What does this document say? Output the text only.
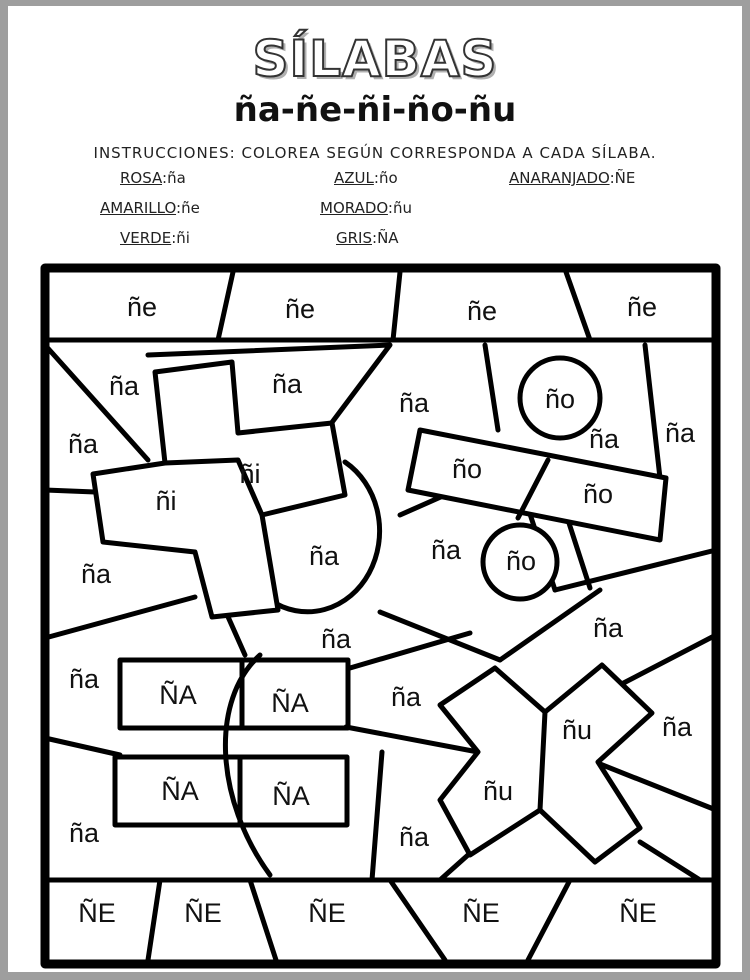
SÍLABAS
ña-ñe-ñi-ño-ñu
INSTRUCCIONES: COLOREA SEGÚN CORRESPONDA A CADA SÍLABA.
ROSA:ña	AZUL:ño	ANARANJADO:ÑE
AMARILLO:ñe	MORADO:ñu
VERDE:ñi	GRIS:ÑA
ñe	ñe	ñe	ñe
ÑE	ÑE	ÑE	ÑE	ÑE
ña	ña
ña
ña
ña ña
ño
ño
ño
ño
ñi
ñi
ña	ña
ña
ña
ÑA	ÑA
ña
ñu
ña
ÑA	ÑA	ñu
ña
ña
ña	ña
